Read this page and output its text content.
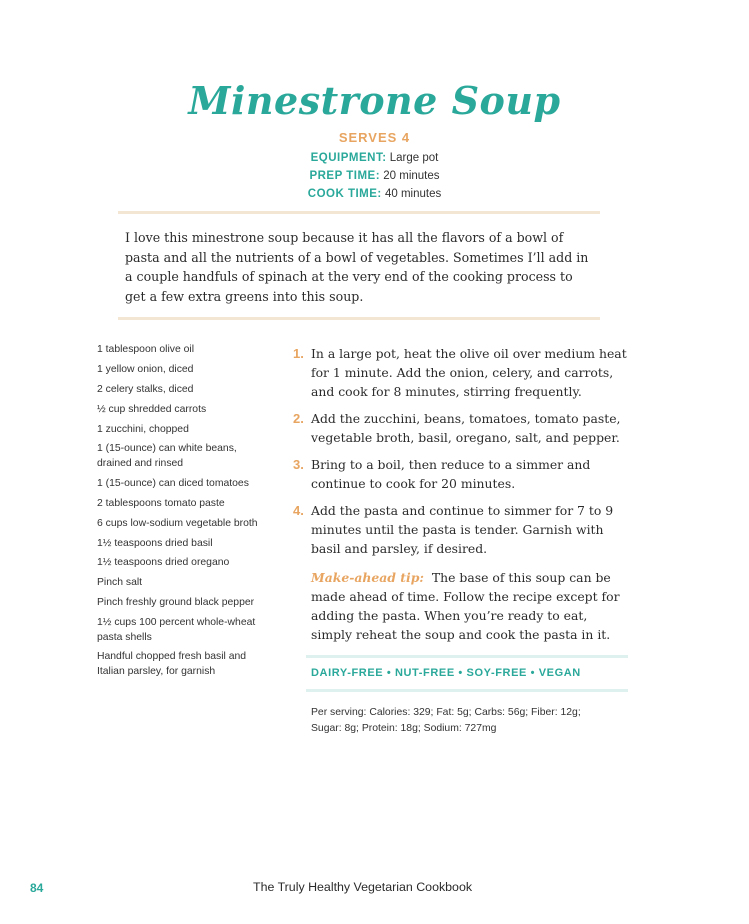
Minestrone Soup
SERVES 4
EQUIPMENT: Large pot
PREP TIME: 20 minutes
COOK TIME: 40 minutes

I love this minestrone soup because it has all the flavors of a bowl of pasta and all the nutrients of a bowl of vegetables. Sometimes I’ll add in a couple handfuls of spinach at the very end of the cooking process to get a few extra greens into this soup.

1 tablespoon olive oil
1 yellow onion, diced
2 celery stalks, diced
½ cup shredded carrots
1 zucchini, chopped
1 (15-ounce) can white beans, drained and rinsed
1 (15-ounce) can diced tomatoes
2 tablespoons tomato paste
6 cups low-sodium vegetable broth
1½ teaspoons dried basil
1½ teaspoons dried oregano
Pinch salt
Pinch freshly ground black pepper
1½ cups 100 percent whole-wheat pasta shells
Handful chopped fresh basil and Italian parsley, for garnish
1. In a large pot, heat the olive oil over medium heat for 1 minute. Add the onion, celery, and carrots, and cook for 8 minutes, stirring frequently.
2. Add the zucchini, beans, tomatoes, tomato paste, vegetable broth, basil, oregano, salt, and pepper.
3. Bring to a boil, then reduce to a simmer and continue to cook for 20 minutes.
4. Add the pasta and continue to simmer for 7 to 9 minutes until the pasta is tender. Garnish with basil and parsley, if desired.

Make-ahead tip: The base of this soup can be made ahead of time. Follow the recipe except for adding the pasta. When you’re ready to eat, simply reheat the soup and cook the pasta in it.

DAIRY-FREE • NUT-FREE • SOY-FREE • VEGAN

Per serving: Calories: 329; Fat: 5g; Carbs: 56g; Fiber: 12g; Sugar: 8g; Protein: 18g; Sodium: 727mg

84	The Truly Healthy Vegetarian Cookbook
